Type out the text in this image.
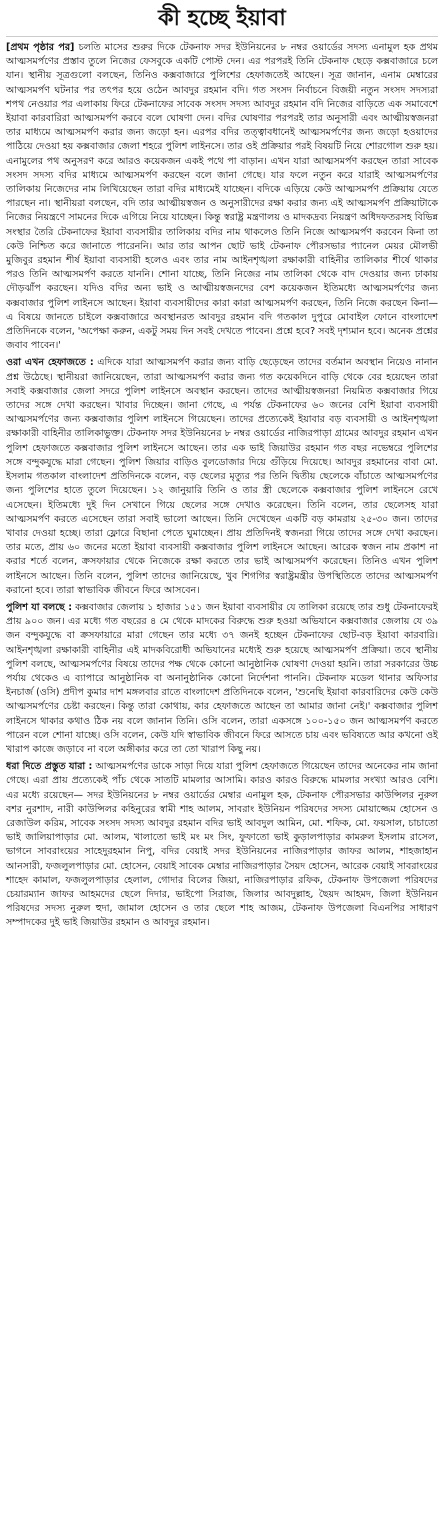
কী হচ্ছে ইয়াবা

[প্রথম পৃষ্ঠার পর] চলতি মাসের শুরুর দিকে টেকনাফ সদর ইউনিয়নের ৮ নম্বর ওয়ার্ডের সদস্য এনামুল হক প্রথম আত্মসমর্পণের প্রস্তাব তুলে নিজের ফেসবুকে একটি পোস্ট দেন। এর পরপরই তিনি টেকনাফ ছেড়ে কক্সবাজারে চলে যান। স্থানীয় সূত্রগুলো বলছেন, তিনিও কক্সবাজারে পুলিশের হেফাজতেই আছেন। সূত্র জানান, এনাম মেম্বারের আত্মসমর্পণ ঘটনার পর তৎপর হয়ে ওঠেন আবদুর রহমান বদি। গত সংসদ নির্বাচনে বিজয়ী নতুন সংসদ সদস্যরা শপথ নেওয়ার পর এলাকায় ফিরে টেকনাফের সাবেক সংসদ সদস্য আবদুর রহমান বদি নিজের বাড়িতে এক সমাবেশে ইয়াবা কারবারিরা আত্মসমর্পণ করবে বলে ঘোষণা দেন। বদির ঘোষণার পরপরই তার অনুসারী এবং আত্মীয়স্বজনরা তার মাধ্যমে আত্মসমর্পণ করার জন্য জড়ো হন। এরপর বদির তত্ত্বাবধানেই আত্মসমর্পণের জন্য জড়ো হওয়াদের পাঠিয়ে দেওয়া হয় কক্সবাজার জেলা শহরে পুলিশ লাইনসে। তার ওই প্রক্রিয়ার পরই বিষয়টি নিয়ে শোরগোল শুরু হয়। এনামুলের পথ অনুসরণ করে আরও কয়েকজন একই পথে পা বাড়ান। এখন যারা আত্মসমর্পণ করছেন তারা সাবেক সংসদ সদস্য বদির মাধ্যমে আত্মসমর্পণ করছেন বলে জানা গেছে। যার ফলে নতুন করে যারাই আত্মসমর্পণের তালিকায় নিজেদের নাম লিখিয়েছেন তারা বদির মাধ্যমেই যাচ্ছেন। বদিকে এড়িয়ে কেউ আত্মসমর্পণ প্রক্রিয়ায় যেতে পারছেন না। স্থানীয়রা বলছেন, বদি তার আত্মীয়স্বজন ও অনুসারীদের রক্ষা করার জন্য এই আত্মসমর্পণ প্রক্রিয়াটাকে নিজের নিয়ন্ত্রণে সামনের দিকে এগিয়ে নিয়ে যাচ্ছেন। কিন্তু স্বরাষ্ট্র মন্ত্রণালয় ও মাদকদ্রব্য নিয়ন্ত্রণ অধিদফতরসহ বিভিন্ন সংস্থার তৈরি টেকনাফের ইয়াবা ব্যবসায়ীর তালিকায় বদির নাম থাকলেও তিনি নিজে আত্মসমর্পণ করবেন কিনা তা কেউ নিশ্চিত করে জানাতে পারেননি। আর তার আপন ছোট ভাই টেকনাফ পৌরসভার প্যানেল মেয়র মৌলভী মুজিবুর রহমান শীর্ষ ইয়াবা ব্যবসায়ী হলেও এবং তার নাম আইনশৃঙ্খলা রক্ষাকারী বাহিনীর তালিকার শীর্ষে থাকার পরও তিনি আত্মসমর্পণ করতে যাননি। শোনা যাচ্ছে, তিনি নিজের নাম তালিকা থেকে বাদ দেওয়ার জন্য ঢাকায় দৌড়ঝাঁপ করছেন। যদিও বদির অন্য ভাই ও আত্মীয়স্বজনদের বেশ কয়েকজন ইতিমধ্যে আত্মসমর্পণের জন্য কক্সবাজার পুলিশ লাইনসে আছেন। ইয়াবা ব্যবসায়ীদের কারা কারা আত্মসমর্পণ করছেন, তিনি নিজে করছেন কিনা— এ বিষয়ে জানতে চাইলে কক্সবাজারে অবস্থানরত আবদুর রহমান বদি গতকাল দুপুরে মোবাইল ফোনে বাংলাদেশ প্রতিদিনকে বলেন, 'অপেক্ষা করুন, একটু সময় দিন সবই দেখতে পাবেন। প্রশ্নে হবে? সবই দৃশ্যমান হবে। অনেক প্রশ্নের জবাব পাবেন।'

ওরা এখন হেফাজতে : এদিকে যারা আত্মসমর্পণ করার জন্য বাড়ি ছেড়েছেন তাদের বর্তমান অবস্থান নিয়েও নানান প্রশ্ন উঠেছে। স্থানীয়রা জানিয়েছেন, তারা আত্মসমর্পণ করার জন্য গত কয়েকদিনে বাড়ি থেকে বের হয়েছেন তারা সবাই কক্সবাজার জেলা সদরে পুলিশ লাইনসে অবস্থান করছেন। তাদের আত্মীয়স্বজনরা নিয়মিত কক্সবাজার গিয়ে তাদের সঙ্গে দেখা করছেন। খাবার দিচ্ছেন। জানা গেছে, এ পর্যন্ত টেকনাফের ৬০ জনের বেশি ইয়াবা ব্যবসায়ী আত্মসমর্পণের জন্য কক্সবাজার পুলিশ লাইনসে গিয়েছেন। তাদের প্রত্যেকেই ইয়াবার বড় ব্যবসায়ী ও আইনশৃঙ্খলা রক্ষাকারী বাহিনীর তালিকাভুক্ত। টেকনাফ সদর ইউনিয়নের ৮ নম্বর ওয়ার্ডের নাজিরপাড়া গ্রামের আবদুর রহমান এখন পুলিশ হেফাজতে কক্সবাজার পুলিশ লাইনসে আছেন। তার এক ভাই জিয়াউর রহমান গত বছর নভেম্বরে পুলিশের সঙ্গে বন্দুকযুদ্ধে মারা গেছেন। পুলিশ জিয়ার বাড়িও বুলডোজার দিয়ে গুঁড়িয়ে দিয়েছে। আবদুর রহমানের বাবা মো. ইসলাম গতকাল বাংলাদেশ প্রতিদিনকে বলেন, বড় ছেলের মৃত্যুর পর তিনি দ্বিতীয় ছেলেকে বাঁচাতে আত্মসমর্পণের জন্য পুলিশের হাতে তুলে দিয়েছেন। ১২ জানুয়ারি তিনি ও তার স্ত্রী ছেলেকে কক্সবাজার পুলিশ লাইনসে রেখে এসেছেন। ইতিমধ্যে দুই দিন সেখানে গিয়ে ছেলের সঙ্গে দেখাও করেছেন। তিনি বলেন, তার ছেলেসহ যারা আত্মসমর্পণ করতে এসেছেন তারা সবাই ভালো আছেন। তিনি দেখেছেন একটি বড় কামরায় ২৫-৩০ জন। তাদের খাবার দেওয়া হচ্ছে। তারা ফ্লোরে বিছানা পেতে ঘুমাচ্ছেন। প্রায় প্রতিদিনই স্বজনরা গিয়ে তাদের সঙ্গে দেখা করছেন। তার মতে, প্রায় ৬০ জনের মতো ইয়াবা ব্যবসায়ী কক্সবাজার পুলিশ লাইনসে আছেন। আরেক স্বজন নাম প্রকাশ না করার শর্তে বলেন, ক্রসফায়ার থেকে নিজেকে রক্ষা করতে তার ভাই আত্মসমর্পণ করেছেন। তিনিও এখন পুলিশ লাইনসে আছেন। তিনি বলেন, পুলিশ তাদের জানিয়েছে, খুব শিগগির স্বরাষ্ট্রমন্ত্রীর উপস্থিতিতে তাদের আত্মসমর্পণ করানো হবে। তারা স্বাভাবিক জীবনে ফিরে আসবেন।

পুলিশ যা বলছে : কক্সবাজার জেলায় ১ হাজার ১৫১ জন ইয়াবা ব্যবসায়ীর যে তালিকা রয়েছে তার শুধু টেকনাফেরই প্রায় ৯০০ জন। এর মধ্যে গত বছরের ৪ মে থেকে মাদকের বিরুদ্ধে শুরু হওয়া অভিযানে কক্সবাজার জেলায় যে ৩৯ জন বন্দুকযুদ্ধে বা ক্রসফায়ারে মারা গেছেন তার মধ্যে ৩৭ জনই হচ্ছেন টেকনাফের ছোট-বড় ইয়াবা কারবারি। আইনশৃঙ্খলা রক্ষাকারী বাহিনীর এই মাদকবিরোধী অভিযানের মধ্যেই শুরু হয়েছে আত্মসমর্পণ প্রক্রিয়া। তবে স্থানীয় পুলিশ বলছে, আত্মসমর্পণের বিষয়ে তাদের পক্ষ থেকে কোনো আনুষ্ঠানিক ঘোষণা দেওয়া হয়নি। তারা সরকারের উচ্চ পর্যায় থেকেও এ ব্যাপারে আনুষ্ঠানিক বা অনানুষ্ঠানিক কোনো নির্দেশনা পাননি। টেকনাফ মডেল থানার অফিসার ইনচার্জ (ওসি) প্রদীপ কুমার দাশ মঙ্গলবার রাতে বাংলাদেশ প্রতিদিনকে বলেন, 'শুনেছি ইয়াবা কারবারিদের কেউ কেউ আত্মসমর্পণের চেষ্টা করছেন। কিন্তু তারা কোথায়, কার হেফাজতে আছেন তা আমার জানা নেই।' কক্সবাজার পুলিশ লাইনসে থাকার কথাও ঠিক নয় বলে জানান তিনি। ওসি বলেন, তারা একসঙ্গে ১০০-১৫০ জন আত্মসমর্পণ করতে পারেন বলে শোনা যাচ্ছে। ওসি বলেন, কেউ যদি স্বাভাবিক জীবনে ফিরে আসতে চায় এবং ভবিষ্যতে আর কখনো ওই খারাপ কাজে জড়াবে না বলে অঙ্গীকার করে তা তো খারাপ কিছু নয়।

ধরা দিতে প্রস্তুত যারা : আত্মসমর্পণের ডাকে সাড়া দিয়ে যারা পুলিশ হেফাজতে গিয়েছেন তাদের অনেকের নাম জানা গেছে। এরা প্রায় প্রত্যেকেই পাঁচ থেকে সাতটি মামলার আসামি। কারও কারও বিরুদ্ধে মামলার সংখ্যা আরও বেশি। এর মধ্যে রয়েছেন— সদর ইউনিয়নের ৮ নম্বর ওয়ার্ডের মেম্বার এনামুল হক, টেকনাফ পৌরসভার কাউন্সিলর নুরুল বশর নুরশাদ, নারী কাউন্সিলর কহিনুরের স্বামী শাহ আলম, সাবরাং ইউনিয়ন পরিষদের সদস্য মোয়াজ্জেম হোসেন ও রেজাউল করিম, সাবেক সংসদ সদস্য আবদুর রহমান বদির ভাই আবদুল আমিন, মো. শফিক, মো. ফয়সাল, চাচাতো ভাই জালিয়াপাড়ার মো. আলম, খালাতো ভাই মং মং সিং, ফুফাতো ভাই কুড়ালপাড়ার কামরুল ইসলাম রাসেল, ভাগনে সাবরাংয়ের সাহেদুরহমান নিপু, বদির বেয়াই সদর ইউনিয়নের নাজিরপাড়ার জাফর আলম, শাহজাহান আনসারী, ফজলুলপাড়ার মো. হোসেন, বেয়াই সাবেক মেম্বার নাজিরপাড়ার সৈয়দ হোসেন, আরেক বেয়াই সাবরাংয়ের শাহেদ কামাল, ফজলুলপাড়ার হেলাল, গোদার বিলের জিয়া, নাজিরপাড়ার রফিক, টেকনাফ উপজেলা পরিষদের চেয়ারম্যান জাফর আহমদের ছেলে দিদার, ভাইপো সিরাজ, জিলার আবদুল্লাহ, ছৈয়দ আহমদ, জিলা ইউনিয়ন পরিষদের সদস্য নুরুল হুদা, জামাল হোসেন ও তার ছেলে শাহ আজম, টেকনাফ উপজেলা বিএনপির সাধারণ সম্পাদকের দুই ভাই জিয়াউর রহমান ও আবদুর রহমান।
